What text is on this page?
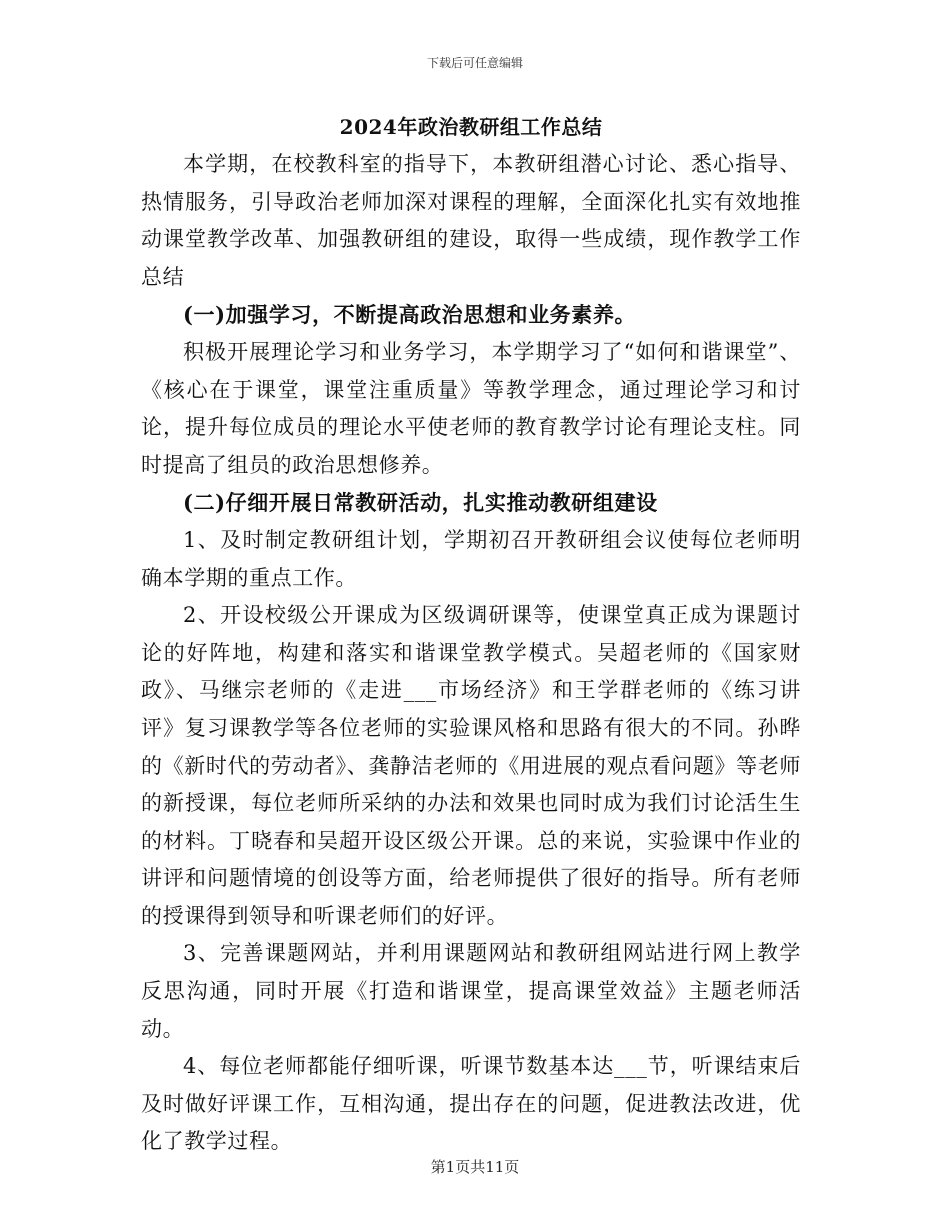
下载后可任意编辑
2024年政治教研组工作总结

本学期，在校教科室的指导下，本教研组潜心讨论、悉心指导、热情服务，引导政治老师加深对课程的理解，全面深化扎实有效地推动课堂教学改革、加强教研组的建设，取得一些成绩，现作教学工作总结

(一)加强学习，不断提高政治思想和业务素养。

积极开展理论学习和业务学习，本学期学习了“如何和谐课堂”、《核心在于课堂，课堂注重质量》等教学理念，通过理论学习和讨论，提升每位成员的理论水平使老师的教育教学讨论有理论支柱。同时提高了组员的政治思想修养。

(二)仔细开展日常教研活动，扎实推动教研组建设

1、及时制定教研组计划，学期初召开教研组会议使每位老师明确本学期的重点工作。

2、开设校级公开课成为区级调研课等，使课堂真正成为课题讨论的好阵地，构建和落实和谐课堂教学模式。吴超老师的《国家财政》、马继宗老师的《走进___市场经济》和王学群老师的《练习讲评》复习课教学等各位老师的实验课风格和思路有很大的不同。孙晔的《新时代的劳动者》、龚静洁老师的《用进展的观点看问题》等老师的新授课，每位老师所采纳的办法和效果也同时成为我们讨论活生生的材料。丁晓春和吴超开设区级公开课。总的来说，实验课中作业的讲评和问题情境的创设等方面，给老师提供了很好的指导。所有老师的授课得到领导和听课老师们的好评。

3、完善课题网站，并利用课题网站和教研组网站进行网上教学反思沟通，同时开展《打造和谐课堂，提高课堂效益》主题老师活动。

4、每位老师都能仔细听课，听课节数基本达___节，听课结束后及时做好评课工作，互相沟通，提出存在的问题，促进教法改进，优化了教学过程。

第1页共11页
